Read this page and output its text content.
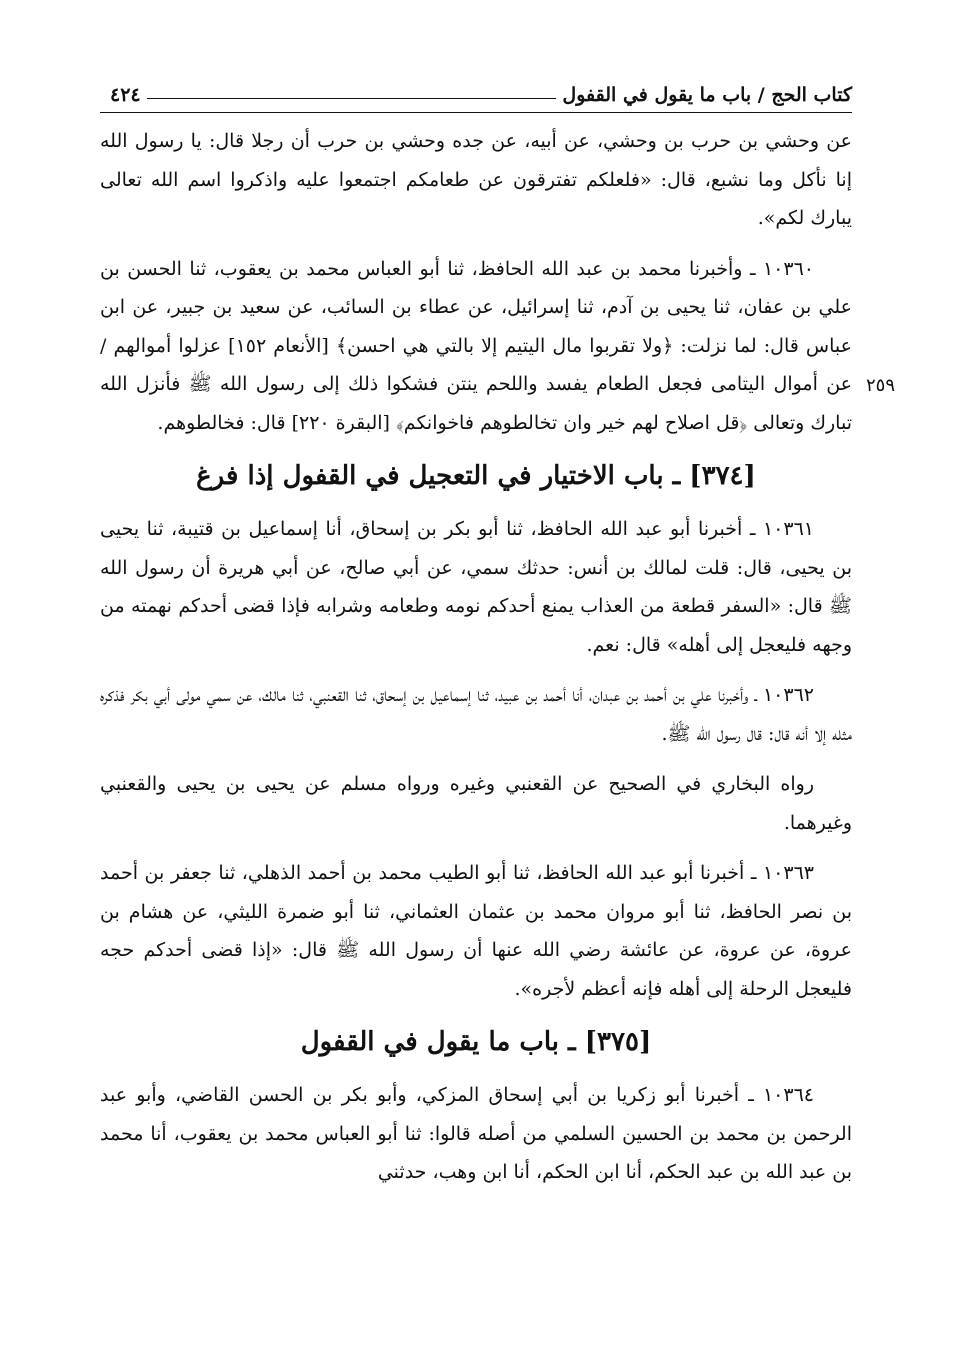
كتاب الحج / باب ما يقول في القفول
٤٢٤
٢٥٩

عن وحشي بن حرب بن وحشي، عن أبيه، عن جده وحشي بن حرب أن رجلا قال: يا رسول الله إنا نأكل وما نشبع، قال: «فلعلكم تفترقون عن طعامكم اجتمعوا عليه واذكروا اسم الله تعالى يبارك لكم».

١٠٣٦٠ ـ وأخبرنا محمد بن عبد الله الحافظ، ثنا أبو العباس محمد بن يعقوب، ثنا الحسن بن علي بن عفان، ثنا يحيى بن آدم، ثنا إسرائيل، عن عطاء بن السائب، عن سعيد بن جبير، عن ابن عباس قال: لما نزلت: ﴿ولا تقربوا مال اليتيم إلا بالتي هي احسن﴾ [الأنعام ١٥٢] عزلوا أموالهم / عن أموال اليتامى فجعل الطعام يفسد واللحم ينتن فشكوا ذلك إلى رسول الله ﷺ فأنزل الله تبارك وتعالى ﴿قل اصلاح لهم خير وان تخالطوهم فاخوانكم﴾ [البقرة ٢٢٠] قال: فخالطوهم.

[٣٧٤] ـ باب الاختيار في التعجيل في القفول إذا فرغ

١٠٣٦١ ـ أخبرنا أبو عبد الله الحافظ، ثنا أبو بكر بن إسحاق، أنا إسماعيل بن قتيبة، ثنا يحيى بن يحيى، قال: قلت لمالك بن أنس: حدثك سمي، عن أبي صالح، عن أبي هريرة أن رسول الله ﷺ قال: «السفر قطعة من العذاب يمنع أحدكم نومه وطعامه وشرابه فإذا قضى أحدكم نهمته من وجهه فليعجل إلى أهله» قال: نعم.

١٠٣٦٢ ـ وأخبرنا علي بن أحمد بن عبدان، أنا أحمد بن عبيد، ثنا إسماعيل بن إسحاق، ثنا القعنبي، ثنا مالك، عن سمي مولى أبي بكر فذكره مثله إلا أنه قال: قال رسول الله ﷺ.

رواه البخاري في الصحيح عن القعنبي وغيره ورواه مسلم عن يحيى بن يحيى والقعنبي وغيرهما.

١٠٣٦٣ ـ أخبرنا أبو عبد الله الحافظ، ثنا أبو الطيب محمد بن أحمد الذهلي، ثنا جعفر بن أحمد بن نصر الحافظ، ثنا أبو مروان محمد بن عثمان العثماني، ثنا أبو ضمرة الليثي، عن هشام بن عروة، عن عروة، عن عائشة رضي الله عنها أن رسول الله ﷺ قال: «إذا قضى أحدكم حجه فليعجل الرحلة إلى أهله فإنه أعظم لأجره».

[٣٧٥] ـ باب ما يقول في القفول

١٠٣٦٤ ـ أخبرنا أبو زكريا بن أبي إسحاق المزكي، وأبو بكر بن الحسن القاضي، وأبو عبد الرحمن بن محمد بن الحسين السلمي من أصله قالوا: ثنا أبو العباس محمد بن يعقوب، أنا محمد بن عبد الله بن عبد الحكم، أنا ابن الحكم، أنا ابن وهب، حدثني
